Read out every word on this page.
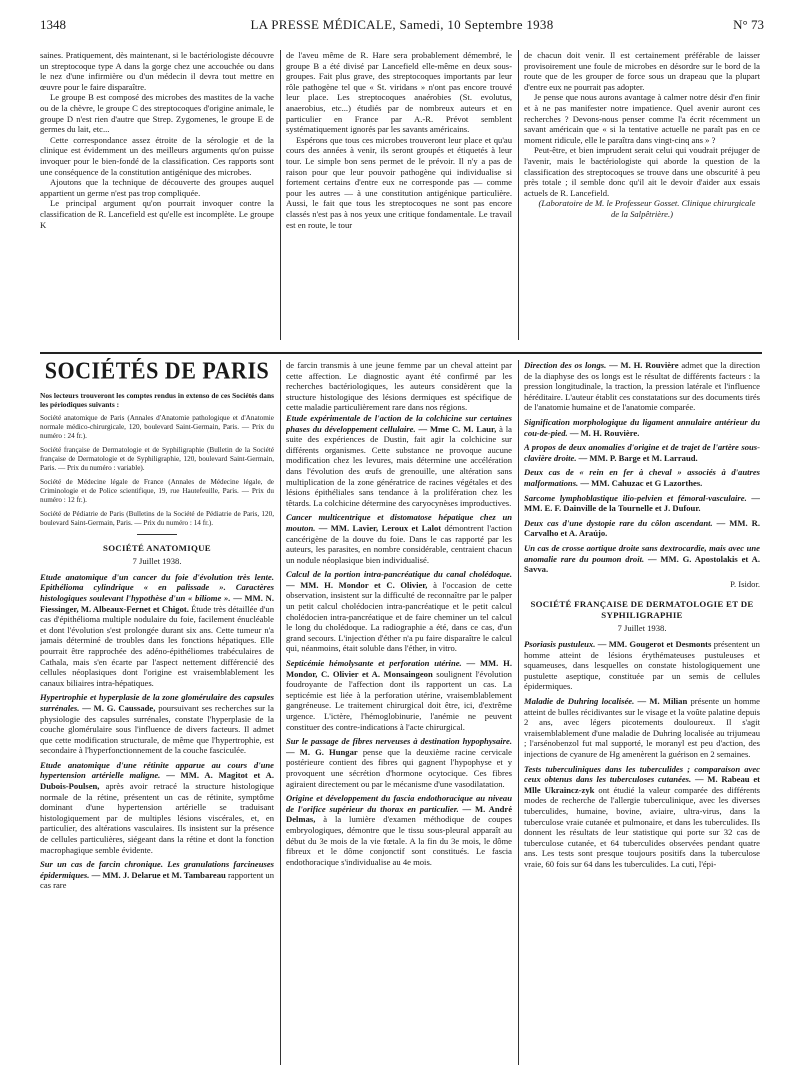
1348	LA PRESSE MÉDICALE, Samedi, 10 Septembre 1938	N° 73

saines. Pratiquement, dès maintenant, si le bactériologiste découvre un streptocoque type A dans la gorge chez une accouchée ou dans le nez d'une infirmière ou d'un médecin il devra tout mettre en œuvre pour le faire disparaître.

Le groupe B est composé des microbes des mastites de la vache ou de la chèvre, le groupe C des streptocoques d'origine animale, le groupe D n'est rien d'autre que Strep. Zygomenes, le groupe E de germes du lait, etc...

Cette correspondance assez étroite de la sérologie et de la clinique est évidemment un des meilleurs arguments qu'on puisse invoquer pour le bien-fondé de la classification. Ces rapports sont une conséquence de la constitution antigénique des microbes.

Ajoutons que la technique de découverte des groupes auquel appartient un germe n'est pas trop compliquée.

Le principal argument qu'on pourrait invoquer contre la classification de R. Lancefield est qu'elle est incomplète. Le groupe K

de l'aveu même de R. Hare sera probablement démembré, le groupe B a été divisé par Lancefield elle-même en deux sous-groupes. Fait plus grave, des streptocoques importants par leur rôle pathogène tel que « St. viridans » n'ont pas encore trouvé leur place. Les streptocoques anaérobies (St. evolutus, anaerobius, etc...) étudiés par de nombreux auteurs et en particulier en France par A.-R. Prévot semblent systématiquement ignorés par les savants américains.

Espérons que tous ces microbes trouveront leur place et qu'au cours des années à venir, ils seront groupés et étiquetés à leur tour. Le simple bon sens permet de le prévoir. Il n'y a pas de raison pour que leur pouvoir pathogène qui individualise si fortement certains d'entre eux ne corresponde pas — comme pour les autres — à une constitution antigénique particulière. Aussi, le fait que tous les streptocoques ne sont pas encore classés n'est pas à nos yeux une critique fondamentale. Le travail est en route, le tour

de chacun doit venir. Il est certainement préférable de laisser provisoirement une foule de microbes en désordre sur le bord de la route que de les grouper de force sous un drapeau que la plupart d'entre eux ne pourrait pas adopter.

Je pense que nous aurons avantage à calmer notre désir d'en finir et à ne pas manifester notre impatience. Quel avenir auront ces recherches ? Devons-nous penser comme l'a écrit récemment un savant américain que « si la tentative actuelle ne paraît pas en ce moment ridicule, elle le paraîtra dans vingt-cinq ans » ?

Peut-être, et bien imprudent serait celui qui voudrait préjuger de l'avenir, mais le bactériologiste qui aborde la question de la classification des streptocoques se trouve dans une obscurité à peu près totale ; il semble donc qu'il ait le devoir d'aider aux essais actuels de R. Lancefield.

(Laboratoire de M. le Professeur Gosset. Clinique chirurgicale de la Salpêtrière.)

SOCIÉTÉS DE PARIS

Nos lecteurs trouveront les comptes rendus in extenso de ces Sociétés dans les périodiques suivants :

Société anatomique de Paris (Annales d'Anatomie pathologique et d'Anatomie normale médico-chirurgicale, 120, boulevard Saint-Germain, Paris. — Prix du numéro : 24 fr.).

Société française de Dermatologie et de Syphiligraphie (Bulletin de la Société française de Dermatologie et de Syphiligraphie, 120, boulevard Saint-Germain, Paris. — Prix du numéro : variable).

Société de Médecine légale de France (Annales de Médecine légale, de Criminologie et de Police scientifique, 19, rue Hautefeuille, Paris. — Prix du numéro : 12 fr.).

Société de Pédiatrie de Paris (Bulletins de la Société de Pédiatrie de Paris, 120, boulevard Saint-Germain, Paris. — Prix du numéro : 14 fr.).

SOCIÉTÉ ANATOMIQUE
7 Juillet 1938.
Etude anatomique d'un cancer du foie d'évolution très lente. Epithélioma cylindrique « en palissade ». Caractères histologiques soulevant l'hypothèse d'un « biliome ». — MM. N. Fiessinger, M. Albeaux-Fernet et Chigot. Étude très détaillée d'un cas d'épithélioma multiple nodulaire du foie, facilement énucléable et dont l'évolution s'est prolongée durant six ans. Cette tumeur n'a jamais déterminé de troubles dans les fonctions hépatiques. Elle pourrait être rapprochée des adéno-épithéliomes trabéculaires de Cathala, mais s'en écarte par l'aspect nettement différencié des cellules néoplasiques dont l'origine est vraisemblablement les canaux biliaires intra-hépatiques.
Hypertrophie et hyperplasie de la zone glomérulaire des capsules surrénales. — M. G. Caussade, poursuivant ses recherches sur la physiologie des capsules surrénales, constate l'hyperplasie de la couche glomérulaire sous l'influence de divers facteurs. Il admet que cette modification structurale, de même que l'hypertrophie, est secondaire à l'hyperfonctionnement de la couche fasciculée.
Etude anatomique d'une rétinite apparue au cours d'une hypertension artérielle maligne. — MM. A. Magitot et A. Dubois-Poulsen, après avoir retracé la structure histologique normale de la rétine, présentent un cas de rétinite, symptôme dominant d'une hypertension artérielle se traduisant histologiquement par de multiples lésions viscérales, et, en particulier, des altérations vasculaires. Ils insistent sur la présence de cellules particulières, siégeant dans la rétine et dont la fonction macrophagique semble évidente.
Sur un cas de farcin chronique. Les granulations farcineuses épidermiques. — MM. J. Delarue et M. Tambareau rapportent un cas rare

de farcin transmis à une jeune femme par un cheval atteint par cette affection. Le diagnostic ayant été confirmé par les recherches bactériologiques, les auteurs considèrent que la structure histologique des lésions dermiques est spécifique de cette maladie particulièrement rare dans nos régions.

Etude expérimentale de l'action de la colchicine sur certaines phases du développement cellulaire. — Mme C. M. Laur, à la suite des expériences de Dustin, fait agir la colchicine sur différents organismes. Cette substance ne provoque aucune modification chez les levures, mais détermine une accélération dans l'évolution des œufs de grenouille, une altération sans multiplication de la zone génératrice de racines végétales et des lésions épithéliales sans tendance à la prolifération chez les têtards. La colchicine détermine des caryocynèses improductives.
Cancer multicentrique et distomatose hépatique chez un mouton. — MM. Lavier, Leroux et Lalot démontrent l'action cancérigène de la douve du foie. Dans le cas rapporté par les auteurs, les parasites, en nombre considérable, centraient chacun un nodule néoplasique bien individualisé.
Calcul de la portion intra-pancréatique du canal cholédoque. — MM. H. Mondor et C. Olivier, à l'occasion de cette observation, insistent sur la difficulté de reconnaître par le palper un petit calcul cholédocien intra-pancréatique et le petit calcul cholédocien intra-pancréatique et de faire cheminer un tel calcul le long du cholédoque. La radiographie a été, dans ce cas, d'un grand secours. L'injection d'éther n'a pu faire disparaître le calcul qui, néanmoins, était soluble dans l'éther, in vitro.
Septicémie hémolysante et perforation utérine. — MM. H. Mondor, C. Olivier et A. Monsaingeon soulignent l'évolution foudroyante de l'affection dont ils rapportent un cas. La septicémie est liée à la perforation utérine, vraisemblablement gangréneuse. Le traitement chirurgical doit être, ici, d'extrême urgence. L'ictère, l'hémoglobinurie, l'anémie ne peuvent constituer des contre-indications à l'acte chirurgical.
Sur le passage de fibres nerveuses à destination hypophysaire. — M. G. Hungar pense que la deuxième racine cervicale postérieure contient des fibres qui gagnent l'hypophyse et y provoquent une sécrétion d'hormone ocytocique. Ces fibres agiraient directement ou par le mécanisme d'une vasodilatation.
Origine et développement du fascia endothoracique au niveau de l'orifice supérieur du thorax en particulier. — M. André Delmas, à la lumière d'examen méthodique de coupes embryologiques, démontre que le tissu sous-pleural apparaît au début du 3e mois de la vie fœtale. A la fin du 3e mois, le dôme fibreux et le dôme conjonctif sont constitués. Le fascia endothoracique s'individualise au 4e mois.
Direction des os longs. — M. H. Rouvière admet que la direction de la diaphyse des os longs est le résultat de différents facteurs : la pression longitudinale, la traction, la pression latérale et l'influence héréditaire. L'auteur établit ces constatations sur des documents tirés de l'anatomie humaine et de l'anatomie comparée.
Signification morphologique du ligament annulaire antérieur du cou-de-pied. — M. H. Rouvière.
A propos de deux anomalies d'origine et de trajet de l'artère sous-clavière droite. — MM. P. Barge et M. Larraud.
Deux cas de « rein en fer à cheval » associés à d'autres malformations. — MM. Cahuzac et G Lazorthes.
Sarcome lymphoblastique ilio-pelvien et fémoral-vasculaire. — MM. E. F. Dainville de la Tournelle et J. Dufour.
Deux cas d'une dystopie rare du côlon ascendant. — MM. R. Carvalho et A. Araújo.
Un cas de crosse aortique droite sans dextrocardie, mais avec une anomalie rare du poumon droit. — MM. G. Apostolakis et A. Savva.
P. Isidor.
SOCIÉTÉ FRANÇAISE DE DERMATOLOGIE ET DE SYPHILIGRAPHIE
7 Juillet 1938.
Psoriasis pustuleux. — MM. Gougerot et Desmonts présentent un homme atteint de lésions érythémateuses pustuleuses et squameuses, dans lesquelles on constate histologiquement une pustulette aseptique, constituée par un semis de cellules épidermiques.
Maladie de Duhring localisée. — M. Milian présente un homme atteint de bulles récidivantes sur le visage et la voûte palatine depuis 2 ans, avec légers picotements douloureux. Il s'agit vraisemblablement d'une maladie de Duhring localisée au trijumeau ; l'arsénobenzol fut mal supporté, le moranyl est peu d'action, des injections de cyanure de Hg amenèrent la guérison en 2 semaines.
Tests tuberculiniques dans les tuberculides ; comparaison avec ceux obtenus dans les tuberculoses cutanées. — M. Rabeau et Mlle Ukraincz-zyk ont étudié la valeur comparée des différents modes de recherche de l'allergie tuberculinique, avec les diverses tuberculides, humaine, bovine, aviaire, ultra-virus, dans la tuberculose vraie cutanée et pulmonaire, et dans les tuberculides. Ils donnent les résultats de leur statistique qui porte sur 32 cas de tuberculose cutanée, et 64 tuberculides observées pendant quatre ans. Les tests sont presque toujours positifs dans la tuberculose vraie, 60 fois sur 64 dans les tuberculides. La cuti, l'épi-
